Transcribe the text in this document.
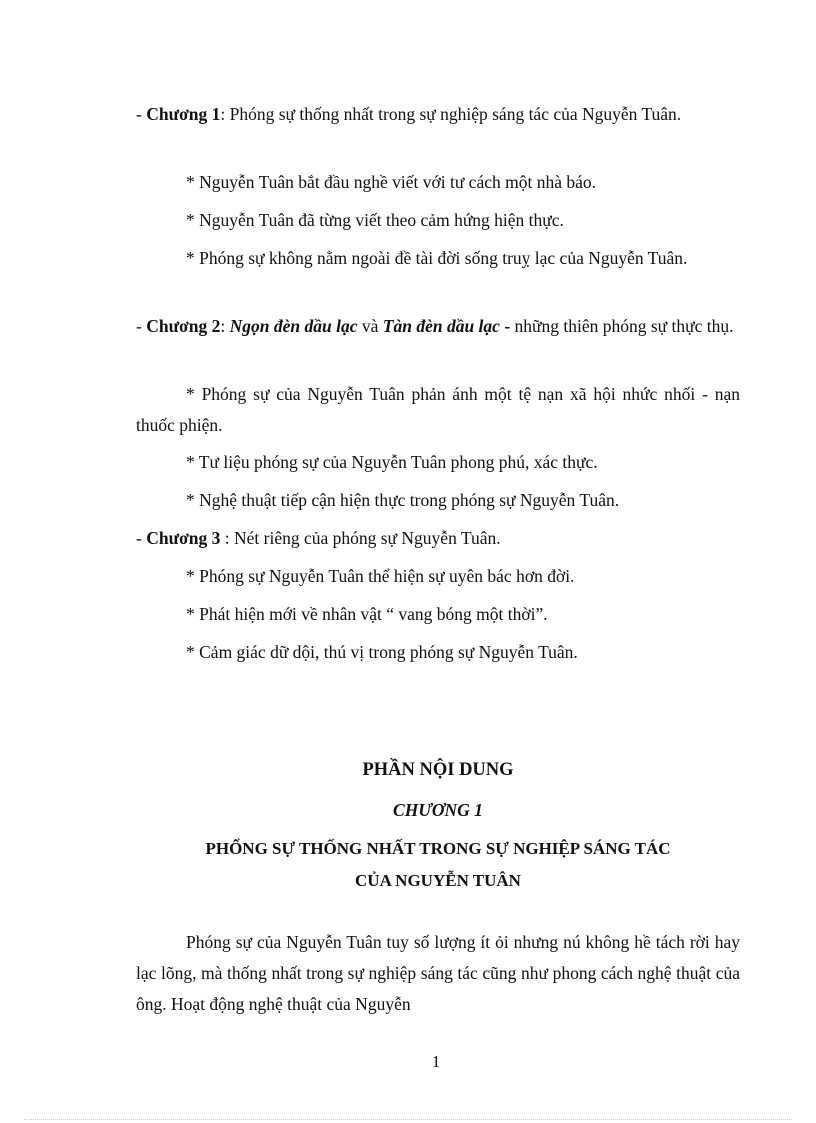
- Chương 1: Phóng sự thống nhất trong sự nghiệp sáng tác của Nguyễn Tuân.
* Nguyễn Tuân bắt đầu nghề viết với tư cách một nhà báo.
* Nguyễn Tuân đã từng viết theo cảm hứng hiện thực.
* Phóng sự không nằm ngoài đề tài đời sống truỵ lạc của Nguyễn Tuân.
- Chương 2: Ngọn đèn dầu lạc và Tàn đèn dầu lạc - những thiên phóng sự thực thụ.
* Phóng sự của Nguyễn Tuân phản ánh một tệ nạn xã hội nhức nhối - nạn thuốc phiện.
* Tư liệu phóng sự của Nguyễn Tuân phong phú, xác thực.
* Nghệ thuật tiếp cận hiện thực trong phóng sự Nguyễn Tuân.
- Chương 3 : Nét riêng của phóng sự Nguyễn Tuân.
* Phóng sự Nguyễn Tuân thể hiện sự uyên bác hơn đời.
* Phát hiện mới về nhân vật “ vang bóng một thời”.
* Cảm giác dữ dội, thú vị trong phóng sự Nguyễn Tuân.
PHẦN NỘI DUNG
CHƯƠNG 1
PHỔNG SỰ THỐNG NHẤT TRONG SỰ NGHIỆP SÁNG TÁC
CỦA NGUYỄN TUÂN
Phóng sự của Nguyễn Tuân tuy số lượng ít ỏi nhưng nú không hề tách rời hay lạc lõng, mà thống nhất trong sự nghiệp sáng tác cũng như phong cách nghệ thuật của ông. Hoạt động nghệ thuật của Nguyễn
1
